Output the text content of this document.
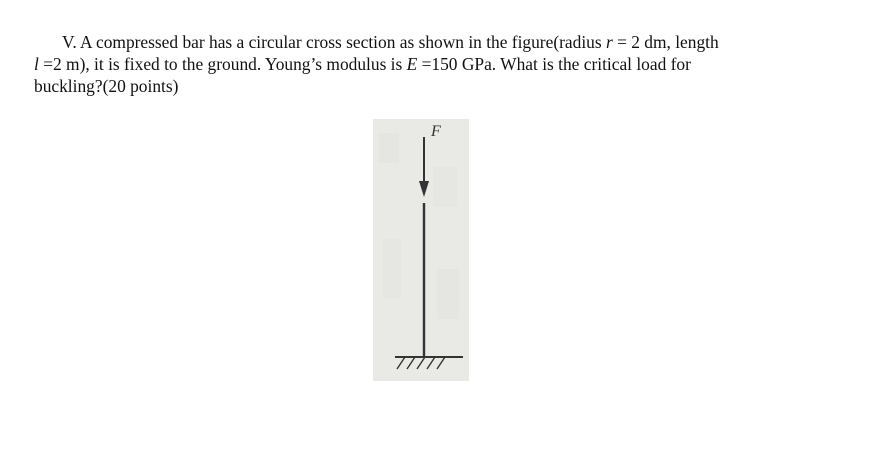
V. A compressed bar has a circular cross section as shown in the figure(radius r = 2 dm, length
l =2 m), it is fixed to the ground. Young’s modulus is E =150 GPa. What is the critical load for
buckling?(20 points)
F
